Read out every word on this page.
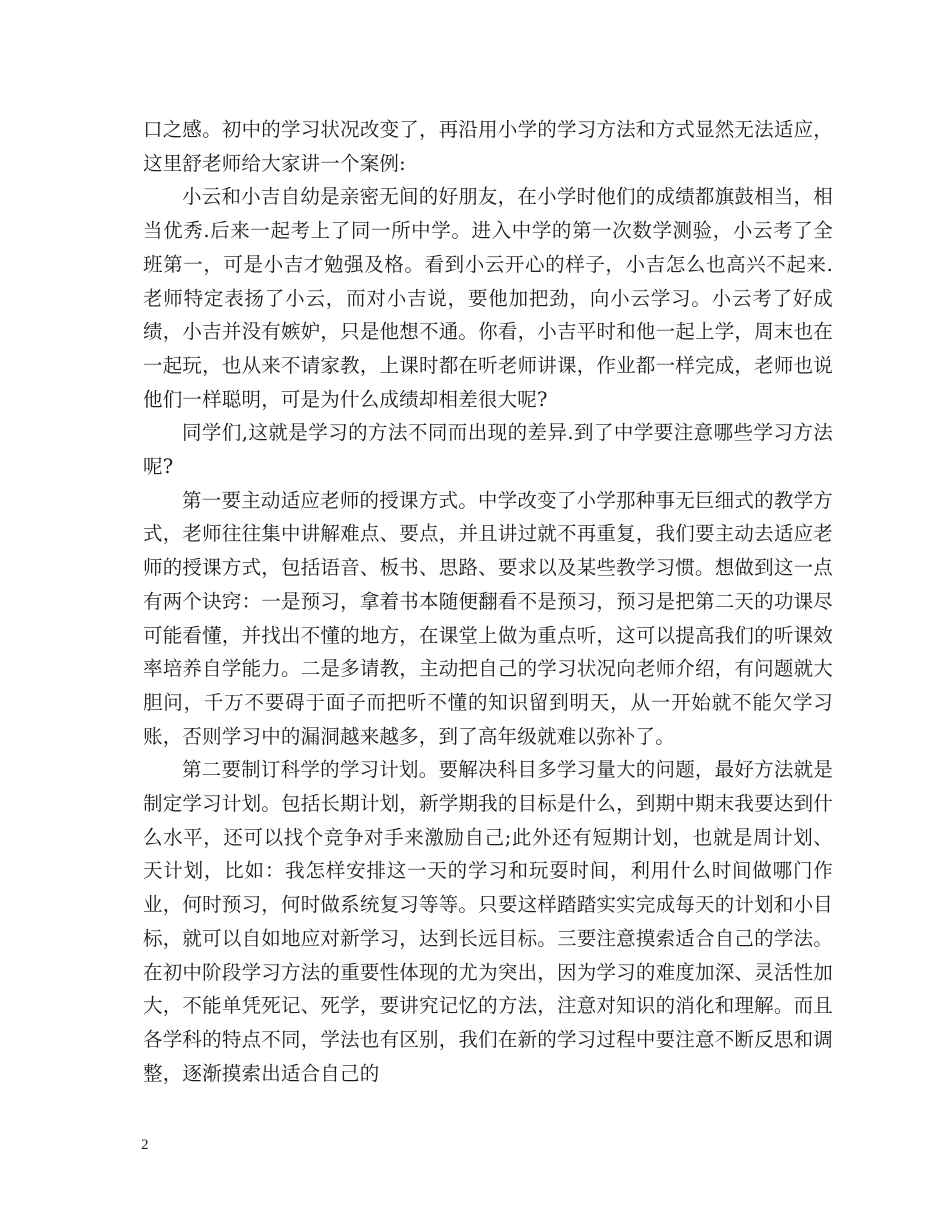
口之感。初中的学习状况改变了，再沿用小学的学习方法和方式显然无法适应，这里舒老师给大家讲一个案例:

小云和小吉自幼是亲密无间的好朋友，在小学时他们的成绩都旗鼓相当，相当优秀.后来一起考上了同一所中学。进入中学的第一次数学测验，小云考了全班第一，可是小吉才勉强及格。看到小云开心的样子，小吉怎么也高兴不起来.老师特定表扬了小云，而对小吉说，要他加把劲，向小云学习。小云考了好成绩，小吉并没有嫉妒，只是他想不通。你看，小吉平时和他一起上学，周末也在一起玩，也从来不请家教，上课时都在听老师讲课，作业都一样完成，老师也说他们一样聪明，可是为什么成绩却相差很大呢?

同学们,这就是学习的方法不同而出现的差异.到了中学要注意哪些学习方法呢?

第一要主动适应老师的授课方式。中学改变了小学那种事无巨细式的教学方式，老师往往集中讲解难点、要点，并且讲过就不再重复，我们要主动去适应老师的授课方式，包括语音、板书、思路、要求以及某些教学习惯。想做到这一点有两个诀窍：一是预习，拿着书本随便翻看不是预习，预习是把第二天的功课尽可能看懂，并找出不懂的地方，在课堂上做为重点听，这可以提高我们的听课效率培养自学能力。二是多请教，主动把自己的学习状况向老师介绍，有问题就大胆问，千万不要碍于面子而把听不懂的知识留到明天，从一开始就不能欠学习账，否则学习中的漏洞越来越多，到了高年级就难以弥补了。

第二要制订科学的学习计划。要解决科目多学习量大的问题，最好方法就是制定学习计划。包括长期计划，新学期我的目标是什么，到期中期末我要达到什么水平，还可以找个竞争对手来激励自己;此外还有短期计划，也就是周计划、天计划，比如：我怎样安排这一天的学习和玩耍时间，利用什么时间做哪门作业，何时预习，何时做系统复习等等。只要这样踏踏实实完成每天的计划和小目标，就可以自如地应对新学习，达到长远目标。三要注意摸索适合自己的学法。在初中阶段学习方法的重要性体现的尤为突出，因为学习的难度加深、灵活性加大，不能单凭死记、死学，要讲究记忆的方法，注意对知识的消化和理解。而且各学科的特点不同，学法也有区别，我们在新的学习过程中要注意不断反思和调整，逐渐摸索出适合自己的

2
